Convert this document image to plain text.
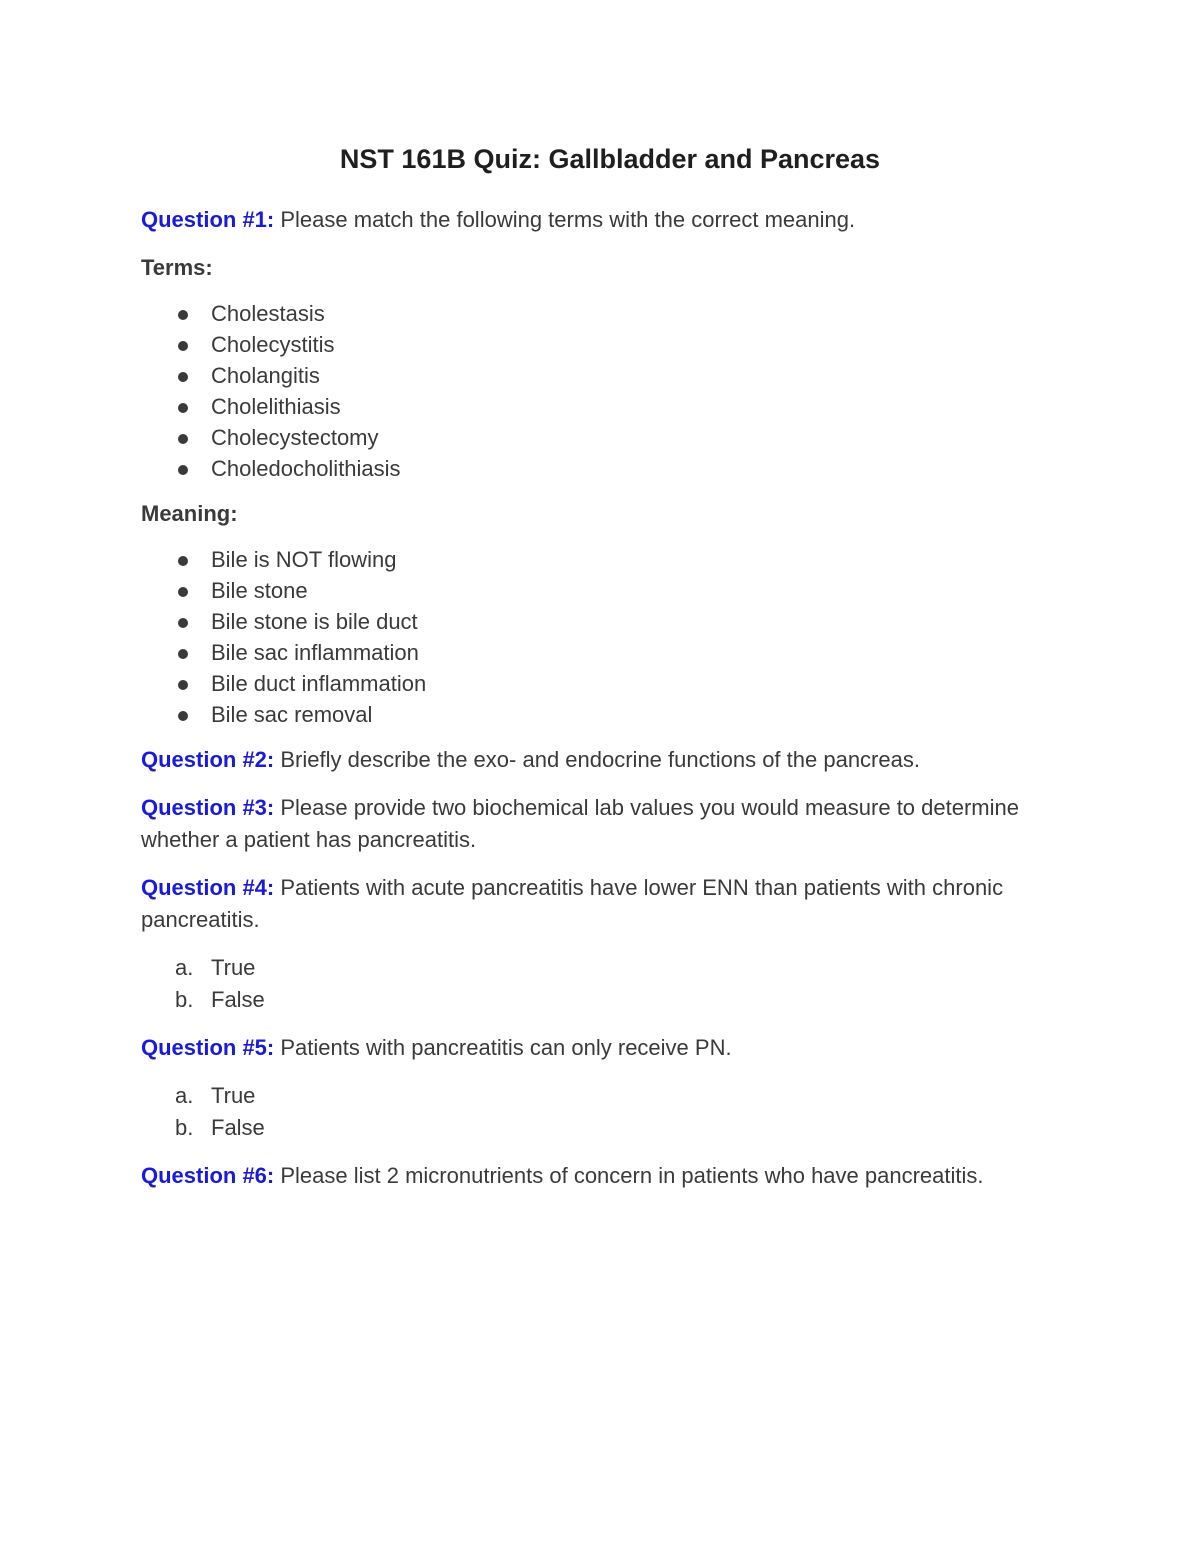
NST 161B Quiz: Gallbladder and Pancreas

Question #1: Please match the following terms with the correct meaning.

Terms:
Cholestasis
Cholecystitis
Cholangitis
Cholelithiasis
Cholecystectomy
Choledocholithiasis
Meaning:
Bile is NOT flowing
Bile stone
Bile stone is bile duct
Bile sac inflammation
Bile duct inflammation
Bile sac removal

Question #2: Briefly describe the exo- and endocrine functions of the pancreas.

Question #3: Please provide two biochemical lab values you would measure to determine whether a patient has pancreatitis.

Question #4: Patients with acute pancreatitis have lower ENN than patients with chronic pancreatitis.

a. True
b. False

Question #5: Patients with pancreatitis can only receive PN.

a. True
b. False

Question #6: Please list 2 micronutrients of concern in patients who have pancreatitis.
